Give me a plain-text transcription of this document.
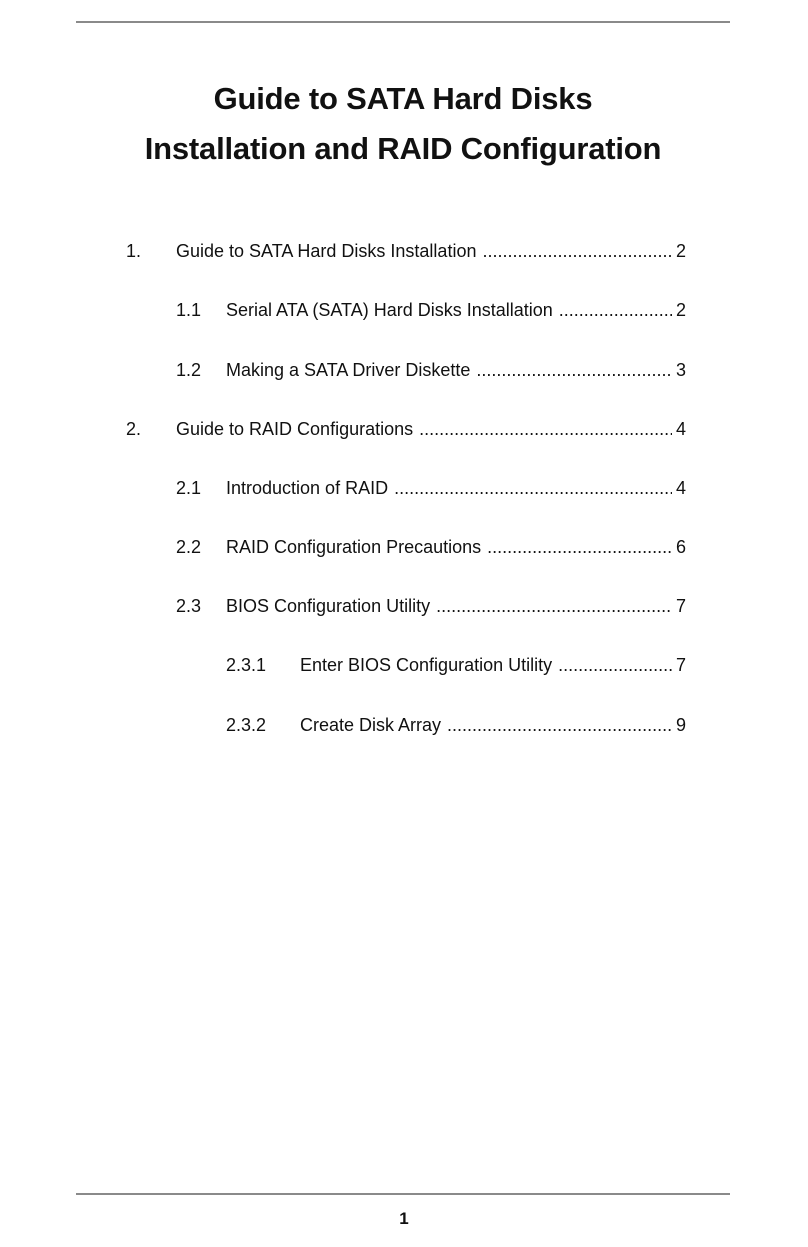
Guide to SATA Hard Disks
Installation and RAID Configuration
1.	Guide to SATA Hard Disks Installation .....	2
1.1	Serial ATA (SATA) Hard Disks Installation .....	2
1.2	Making a SATA Driver Diskette .....	3
2.	Guide to RAID Configurations .....	4
2.1	Introduction of RAID .....	4
2.2	RAID Configuration Precautions .....	6
2.3	BIOS Configuration Utility .....	7
2.3.1	Enter BIOS Configuration Utility .....	7
2.3.2	Create Disk Array .....	9
1
